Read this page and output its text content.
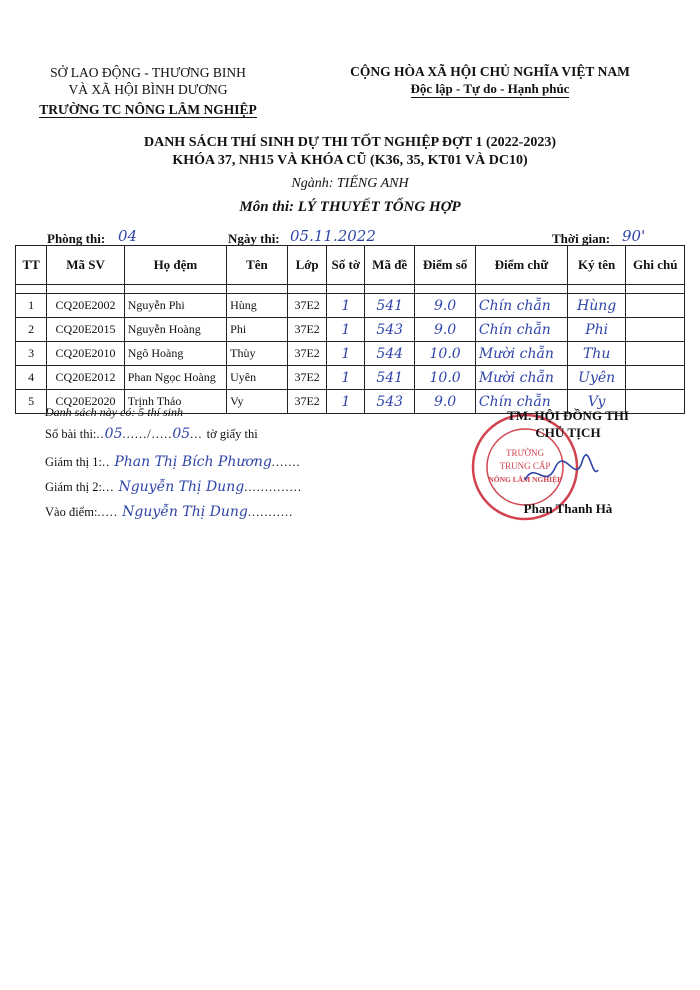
SỞ LAO ĐỘNG - THƯƠNG BINH
VÀ XÃ HỘI BÌNH DƯƠNG
TRƯỜNG TC NÔNG LÂM NGHIỆP
CỘNG HÒA XÃ HỘI CHỦ NGHĨA VIỆT NAM
Độc lập - Tự do - Hạnh phúc
DANH SÁCH THÍ SINH DỰ THI TỐT NGHIỆP ĐỢT 1 (2022-2023)
KHÓA 37, NH15 VÀ KHÓA CŨ (K36, 35, KT01 VÀ DC10)
Ngành: TIẾNG ANH
Môn thi: LÝ THUYẾT TỔNG HỢP
Phòng thi: 04	Ngày thi: 05.11.2022	Thời gian: 90'
TT	Mã SV	Họ đệm	Tên	Lớp	Số tờ	Mã đề	Điểm số	Điểm chữ	Ký tên	Ghi chú

1	CQ20E2002	Nguyễn Phi	Hùng	37E2	1	541	9.0	Chín chẵn	Hùng	
2	CQ20E2015	Nguyễn Hoàng	Phi	37E2	1	543	9.0	Chín chẵn	Phi	
3	CQ20E2010	Ngô Hoàng	Thùy	37E2	1	544	10.0	Mười chẵn	Thu	
4	CQ20E2012	Phan Ngọc Hoàng	Uyên	37E2	1	541	10.0	Mười chẵn	Uyên	
5	CQ20E2020	Trịnh Thảo	Vy	37E2	1	543	9.0	Chín chẵn	Vy	
Danh sách này có: 5 thí sinh
Số bài thi:..05....../.....05... tờ giấy thi
Giám thị 1:.. Phan Thị Bích Phương.......
Giám thị 2:... Nguyễn Thị Dung..............
Vào điểm:..... Nguyễn Thị Dung...........
TRƯỜNG
TRUNG CẤP
NÔNG LÂM NGHIỆP
TM. HỘI ĐỒNG THI
CHỦ TỊCH
Phan Thanh Hà
